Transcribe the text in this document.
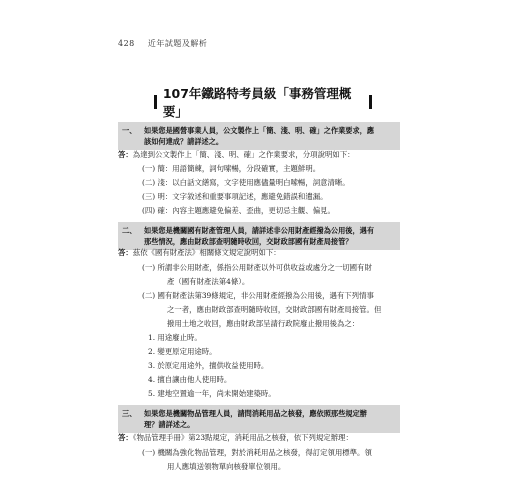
428 近年試題及解析
107年鐵路特考員級「事務管理概要」
一、	如果您是國營事業人員，公文製作上「簡、淺、明、確」之作業要求，應
該如何達成？請詳述之。
答：為達到公文製作上「簡、淺、明、確」之作業要求，分項說明如下：
(一) 簡：用語簡練，詞句嗦暢，分段確實，主題鮮明。
(二) 淺：以白話文繕寫，文字使用應儘量明白嗦暢，詞意清晰。
(三) 明：文字敘述和重要事項記述，應避免錯誤和遺漏。
(四) 確：內容主題應避免偏差、歪曲，更切忌主觀、偏見。
二、	如果您是機關國有財產管理人員，請詳述非公用財產經撥為公用後，遇有
那些情況，應由財政部查明隨時收回，交財政部國有財產局接管？
答：茲依《國有財產法》相關條文規定說明如下：
(一) 所謂非公用財產，係指公用財產以外可供收益或處分之一切國有財
產（國有財產法第4條）。
(二) 國有財產法第39條規定，非公用財產經撥為公用後，遇有下列情事
之一者，應由財政部查明隨時收回，交財政部國有財產局接管。但
撥用土地之收回，應由財政部呈請行政院廢止撥用後為之：
1. 用途廢止時。
2. 變更原定用途時。
3. 於原定用途外，擅供收益使用時。
4. 擅自讓由他人使用時。
5. 建地空置逾一年，尚未開始建築時。
三、	如果您是機關物品管理人員，請問消耗用品之核發，應依照那些規定辦
理？請詳述之。
答：《物品管理手冊》第23點規定，消耗用品之核發，依下列規定辦理：
(一) 機關為強化物品管理，對於消耗用品之核發，得訂定領用標準。領
用人應填送領物單向核發單位領用。
